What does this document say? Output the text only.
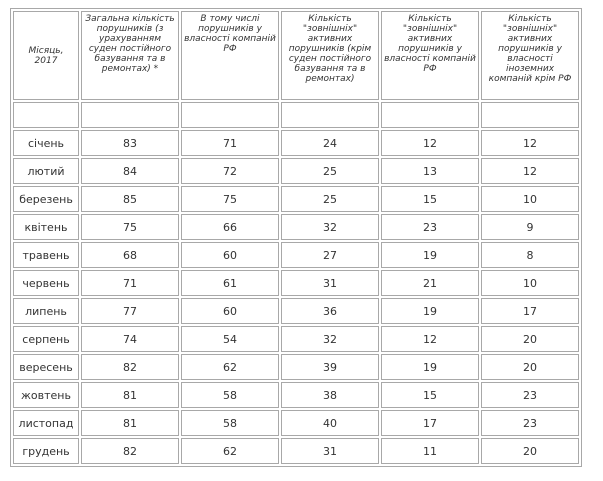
Місяць, 2017	Загальна кількість порушників (з урахуванням суден постійного базування та в ремонтах) *	В тому числі порушників у власності компаній РФ	Кількість "зовнішніх" активних порушників (крім суден постійного базування та в ремонтах)	Кількість "зовнішніх" активних порушників у власності компаній РФ	Кількість "зовнішніх" активних порушників у власності іноземних компаній крім РФ

січень	83	71	24	12	12
лютий	84	72	25	13	12
березень	85	75	25	15	10
квітень	75	66	32	23	9
травень	68	60	27	19	8
червень	71	61	31	21	10
липень	77	60	36	19	17
серпень	74	54	32	12	20
вересень	82	62	39	19	20
жовтень	81	58	38	15	23
листопад	81	58	40	17	23
грудень	82	62	31	11	20
